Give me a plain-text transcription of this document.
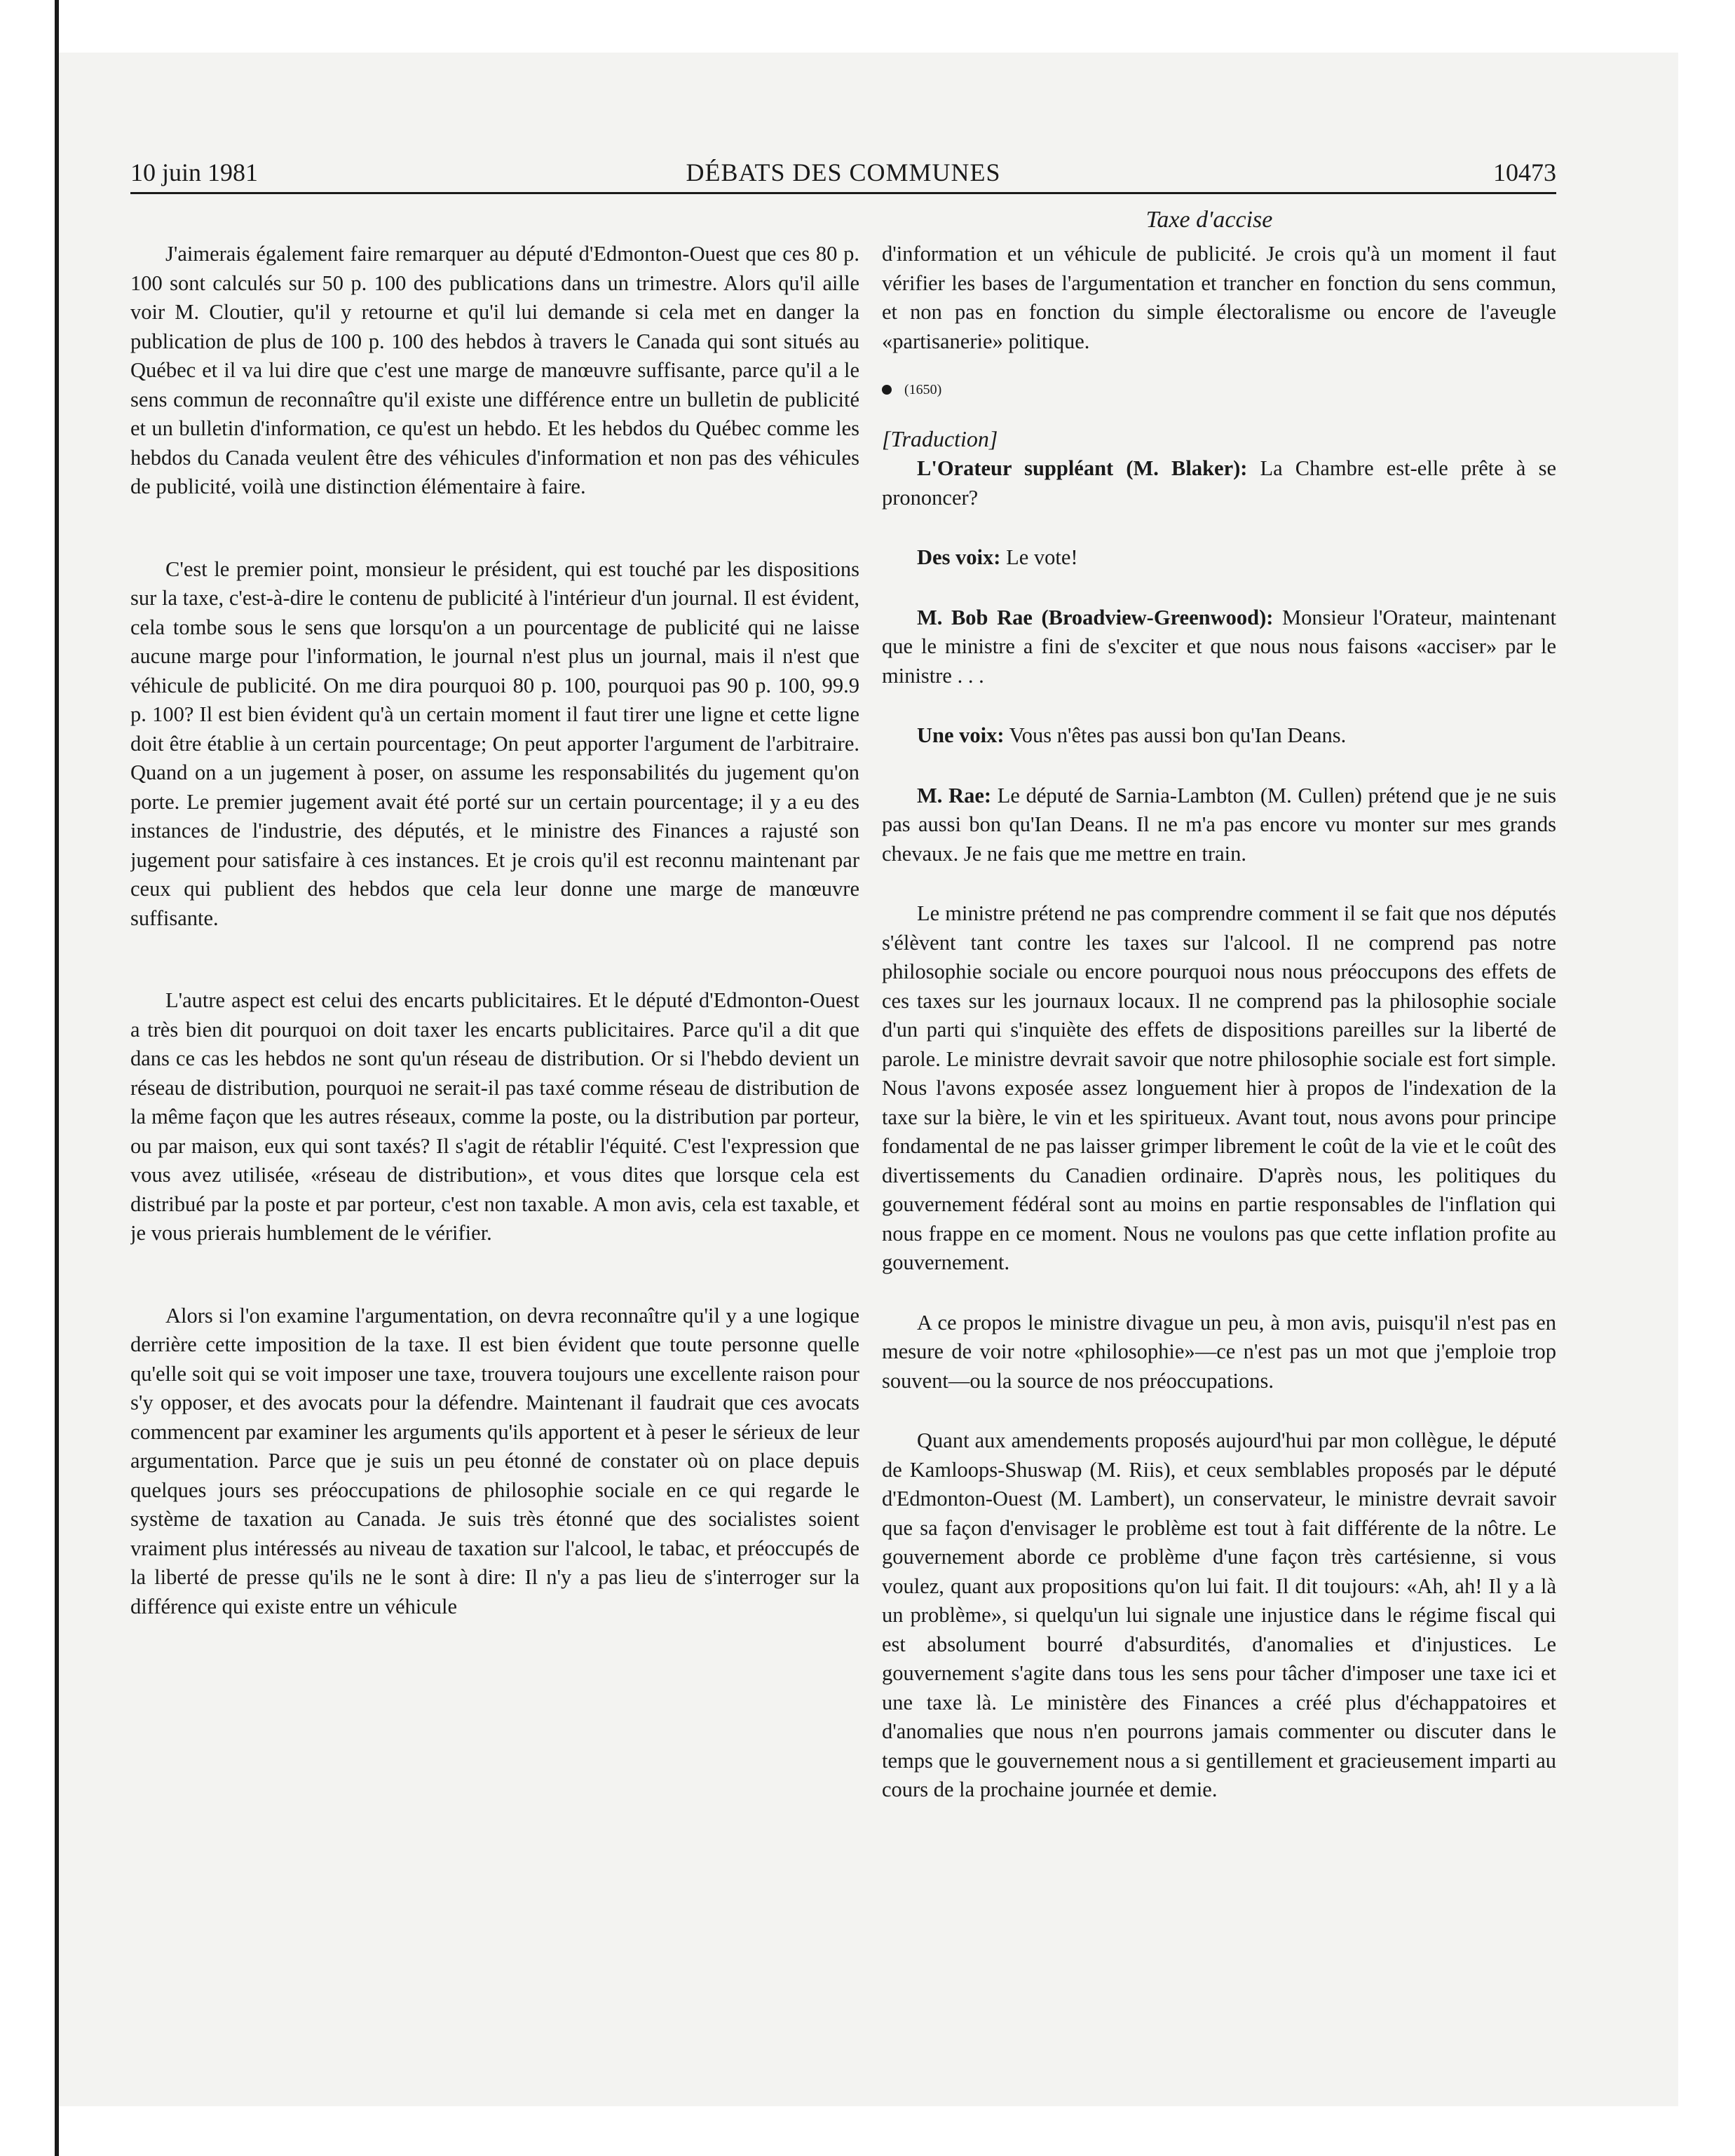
10 juin 1981	DÉBATS DES COMMUNES	10473
Taxe d'accise

J'aimerais également faire remarquer au député d'Edmonton-Ouest que ces 80 p. 100 sont calculés sur 50 p. 100 des publications dans un trimestre. Alors qu'il aille voir M. Cloutier, qu'il y retourne et qu'il lui demande si cela met en danger la publication de plus de 100 p. 100 des hebdos à travers le Canada qui sont situés au Québec et il va lui dire que c'est une marge de manœuvre suffisante, parce qu'il a le sens commun de reconnaître qu'il existe une différence entre un bulletin de publicité et un bulletin d'information, ce qu'est un hebdo. Et les hebdos du Québec comme les hebdos du Canada veulent être des véhicules d'information et non pas des véhicules de publicité, voilà une distinction élémentaire à faire.

C'est le premier point, monsieur le président, qui est touché par les dispositions sur la taxe, c'est-à-dire le contenu de publicité à l'intérieur d'un journal. Il est évident, cela tombe sous le sens que lorsqu'on a un pourcentage de publicité qui ne laisse aucune marge pour l'information, le journal n'est plus un journal, mais il n'est que véhicule de publicité. On me dira pourquoi 80 p. 100, pourquoi pas 90 p. 100, 99.9 p. 100? Il est bien évident qu'à un certain moment il faut tirer une ligne et cette ligne doit être établie à un certain pourcentage; On peut apporter l'argument de l'arbitraire. Quand on a un jugement à poser, on assume les responsabilités du jugement qu'on porte. Le premier jugement avait été porté sur un certain pourcentage; il y a eu des instances de l'industrie, des députés, et le ministre des Finances a rajusté son jugement pour satisfaire à ces instances. Et je crois qu'il est reconnu maintenant par ceux qui publient des hebdos que cela leur donne une marge de manœuvre suffisante.

L'autre aspect est celui des encarts publicitaires. Et le député d'Edmonton-Ouest a très bien dit pourquoi on doit taxer les encarts publicitaires. Parce qu'il a dit que dans ce cas les hebdos ne sont qu'un réseau de distribution. Or si l'hebdo devient un réseau de distribution, pourquoi ne serait-il pas taxé comme réseau de distribution de la même façon que les autres réseaux, comme la poste, ou la distribution par porteur, ou par maison, eux qui sont taxés? Il s'agit de rétablir l'équité. C'est l'expression que vous avez utilisée, «réseau de distribution», et vous dites que lorsque cela est distribué par la poste et par porteur, c'est non taxable. A mon avis, cela est taxable, et je vous prierais humblement de le vérifier.

Alors si l'on examine l'argumentation, on devra reconnaître qu'il y a une logique derrière cette imposition de la taxe. Il est bien évident que toute personne quelle qu'elle soit qui se voit imposer une taxe, trouvera toujours une excellente raison pour s'y opposer, et des avocats pour la défendre. Maintenant il faudrait que ces avocats commencent par examiner les arguments qu'ils apportent et à peser le sérieux de leur argumentation. Parce que je suis un peu étonné de constater où on place depuis quelques jours ses préoccupations de philosophie sociale en ce qui regarde le système de taxation au Canada. Je suis très étonné que des socialistes soient vraiment plus intéressés au niveau de taxation sur l'alcool, le tabac, et préoccupés de la liberté de presse qu'ils ne le sont à dire: Il n'y a pas lieu de s'interroger sur la différence qui existe entre un véhicule

d'information et un véhicule de publicité. Je crois qu'à un moment il faut vérifier les bases de l'argumentation et trancher en fonction du sens commun, et non pas en fonction du simple électoralisme ou encore de l'aveugle «partisanerie» politique.

(1650)
[Traduction]

L'Orateur suppléant (M. Blaker): La Chambre est-elle prête à se prononcer?

Des voix: Le vote!

M. Bob Rae (Broadview-Greenwood): Monsieur l'Orateur, maintenant que le ministre a fini de s'exciter et que nous nous faisons «acciser» par le ministre . . .

Une voix: Vous n'êtes pas aussi bon qu'Ian Deans.

M. Rae: Le député de Sarnia-Lambton (M. Cullen) prétend que je ne suis pas aussi bon qu'Ian Deans. Il ne m'a pas encore vu monter sur mes grands chevaux. Je ne fais que me mettre en train.

Le ministre prétend ne pas comprendre comment il se fait que nos députés s'élèvent tant contre les taxes sur l'alcool. Il ne comprend pas notre philosophie sociale ou encore pourquoi nous nous préoccupons des effets de ces taxes sur les journaux locaux. Il ne comprend pas la philosophie sociale d'un parti qui s'inquiète des effets de dispositions pareilles sur la liberté de parole. Le ministre devrait savoir que notre philosophie sociale est fort simple. Nous l'avons exposée assez longuement hier à propos de l'indexation de la taxe sur la bière, le vin et les spiritueux. Avant tout, nous avons pour principe fondamental de ne pas laisser grimper librement le coût de la vie et le coût des divertissements du Canadien ordinaire. D'après nous, les politiques du gouvernement fédéral sont au moins en partie responsables de l'inflation qui nous frappe en ce moment. Nous ne voulons pas que cette inflation profite au gouvernement.

A ce propos le ministre divague un peu, à mon avis, puisqu'il n'est pas en mesure de voir notre «philosophie»—ce n'est pas un mot que j'emploie trop souvent—ou la source de nos préoccupations.

Quant aux amendements proposés aujourd'hui par mon collègue, le député de Kamloops-Shuswap (M. Riis), et ceux semblables proposés par le député d'Edmonton-Ouest (M. Lambert), un conservateur, le ministre devrait savoir que sa façon d'envisager le problème est tout à fait différente de la nôtre. Le gouvernement aborde ce problème d'une façon très cartésienne, si vous voulez, quant aux propositions qu'on lui fait. Il dit toujours: «Ah, ah! Il y a là un problème», si quelqu'un lui signale une injustice dans le régime fiscal qui est absolument bourré d'absurdités, d'anomalies et d'injustices. Le gouvernement s'agite dans tous les sens pour tâcher d'imposer une taxe ici et une taxe là. Le ministère des Finances a créé plus d'échappatoires et d'anomalies que nous n'en pourrons jamais commenter ou discuter dans le temps que le gouvernement nous a si gentillement et gracieusement imparti au cours de la prochaine journée et demie.
